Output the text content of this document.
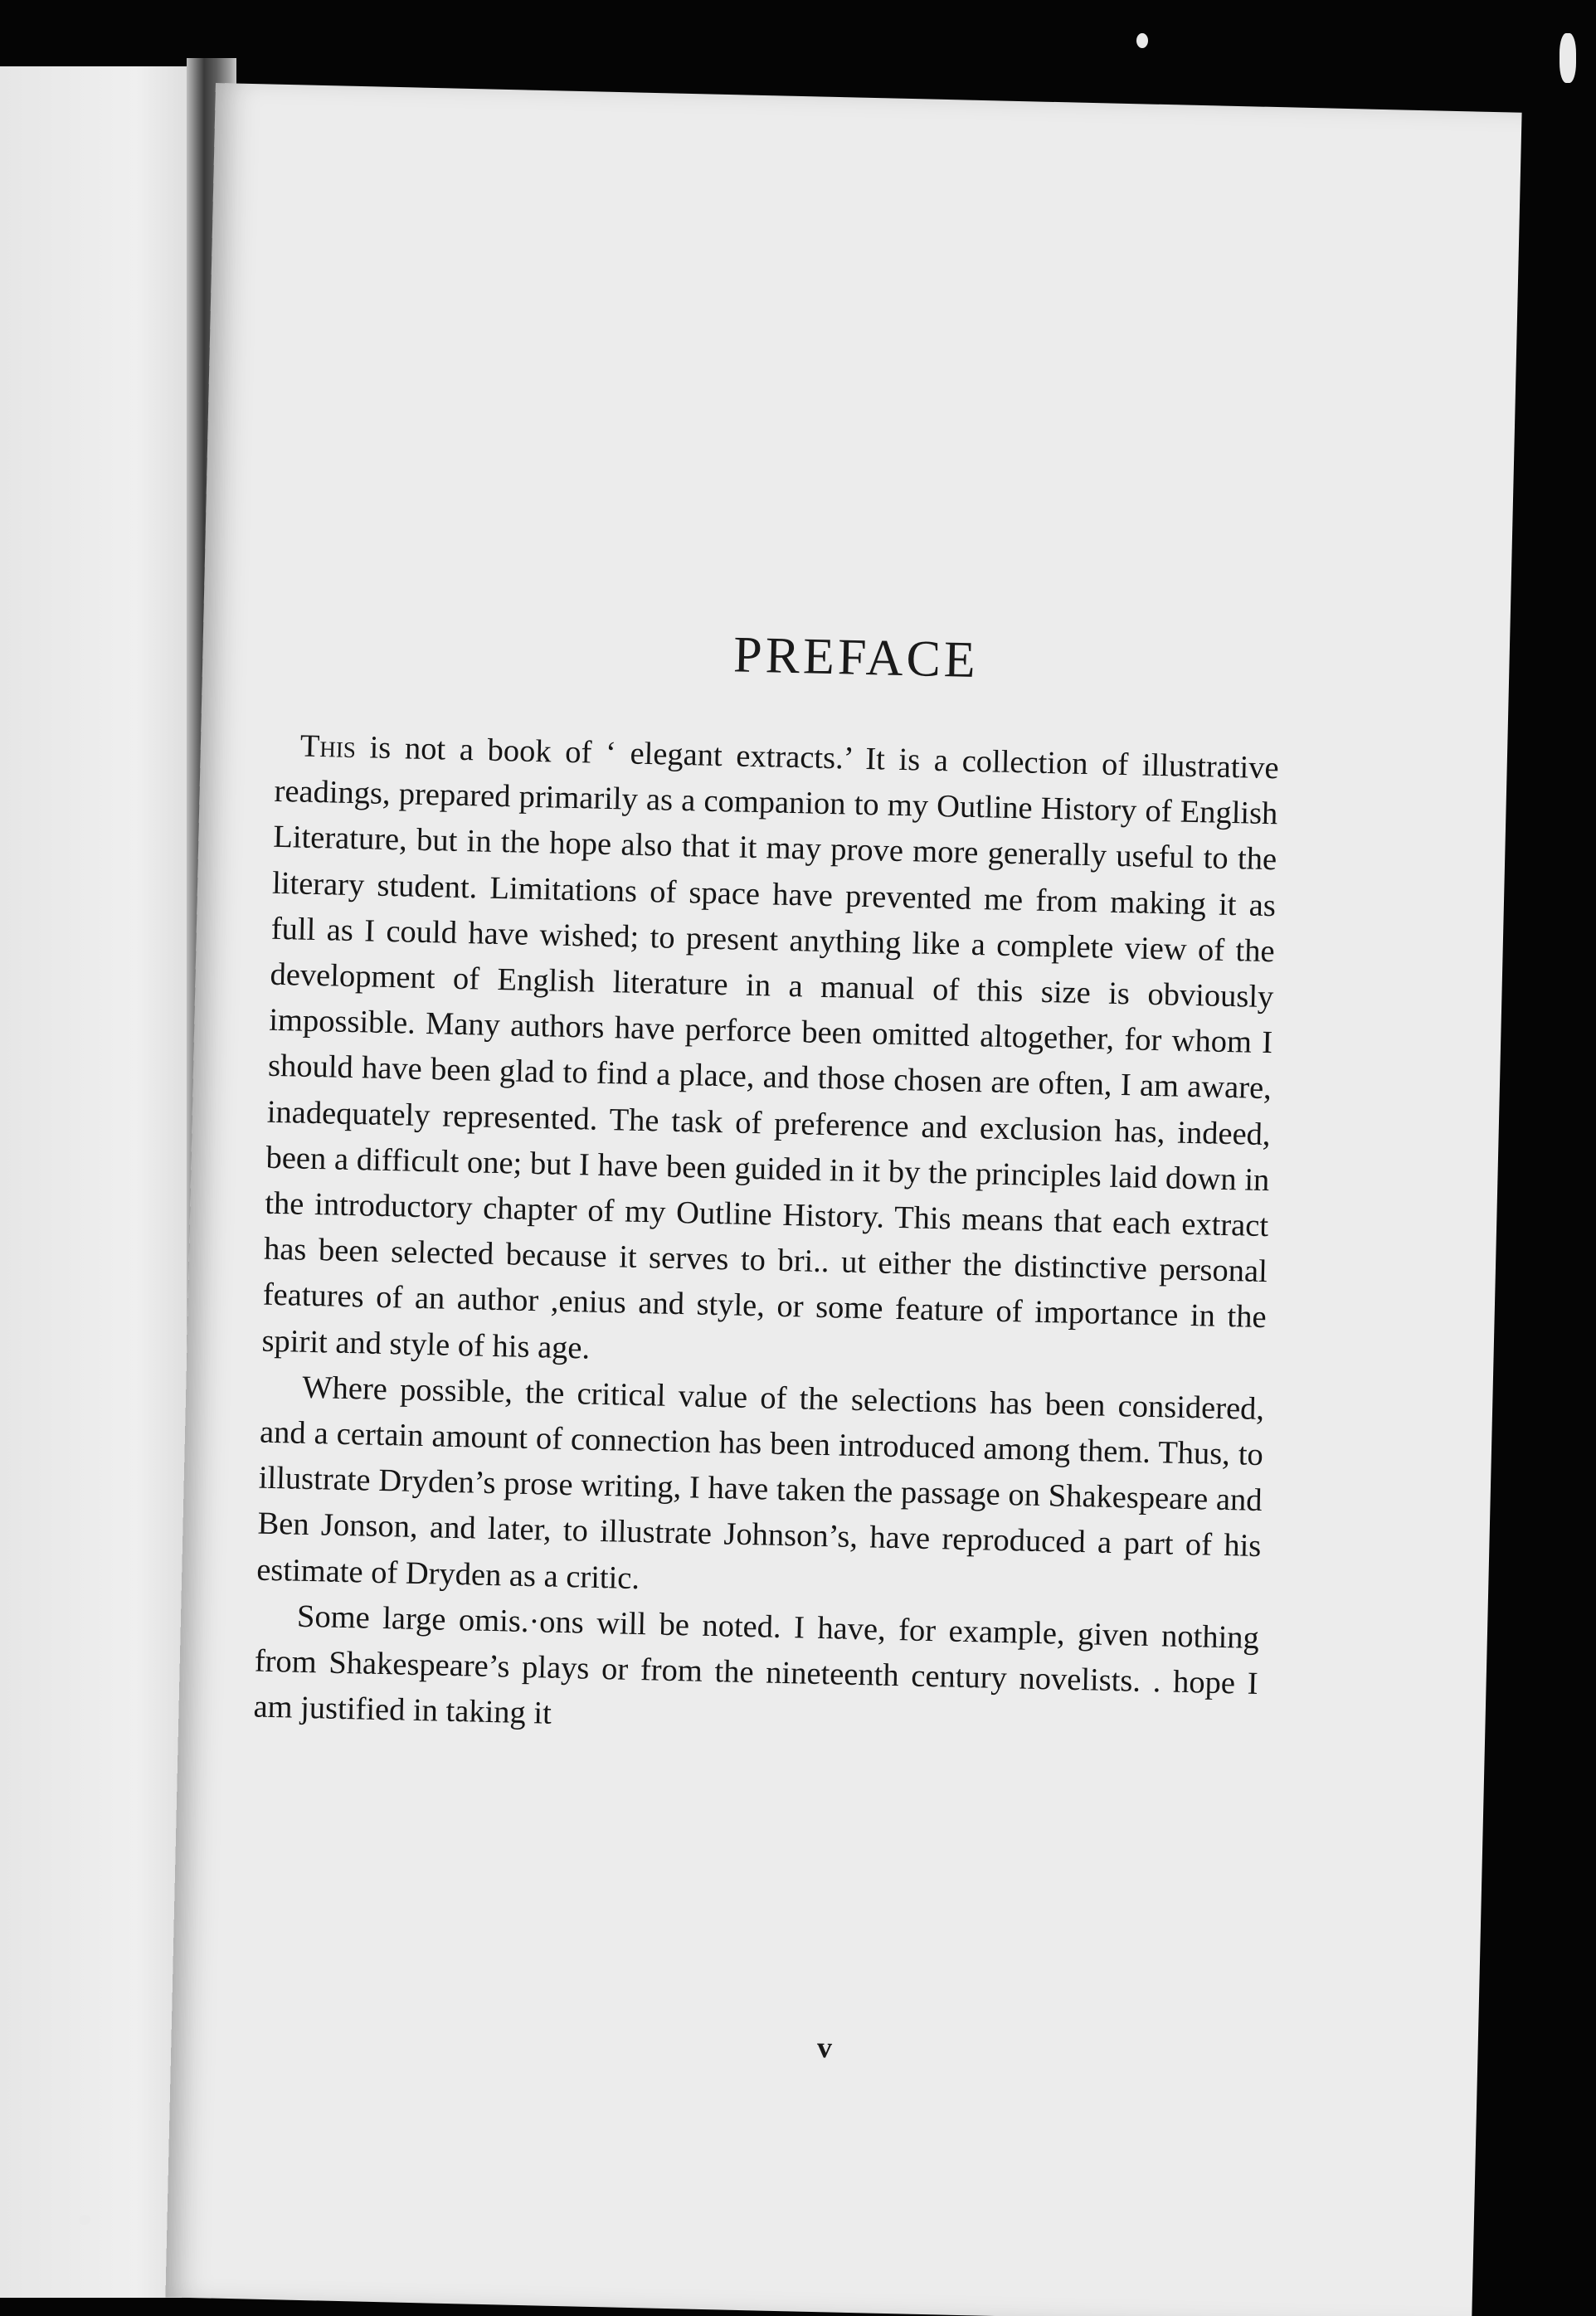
PREFACE

This is not a book of ‘ elegant extracts.’ It is a collection of illustrative readings, prepared primarily as a companion to my Outline History of English Literature, but in the hope also that it may prove more generally useful to the literary student. Limitations of space have prevented me from making it as full as I could have wished; to present anything like a complete view of the development of English literature in a manual of this size is obviously impossible. Many authors have perforce been omitted altogether, for whom I should have been glad to find a place, and those chosen are often, I am aware, inadequately represented. The task of preference and exclusion has, indeed, been a difficult one; but I have been guided in it by the principles laid down in the introductory chapter of my Outline History. This means that each extract has been selected because it serves to bri.. ut either the distinctive personal features of an author ,enius and style, or some feature of importance in the spirit and style of his age.

Where possible, the critical value of the selections has been considered, and a certain amount of connection has been introduced among them. Thus, to illustrate Dryden’s prose writing, I have taken the passage on Shakespeare and Ben Jonson, and later, to illustrate Johnson’s, have reproduced a part of his estimate of Dryden as a critic.

Some large omis.·ons will be noted. I have, for example, given nothing from Shakespeare’s plays or from the nineteenth century novelists. . hope I am justified in taking it

v
